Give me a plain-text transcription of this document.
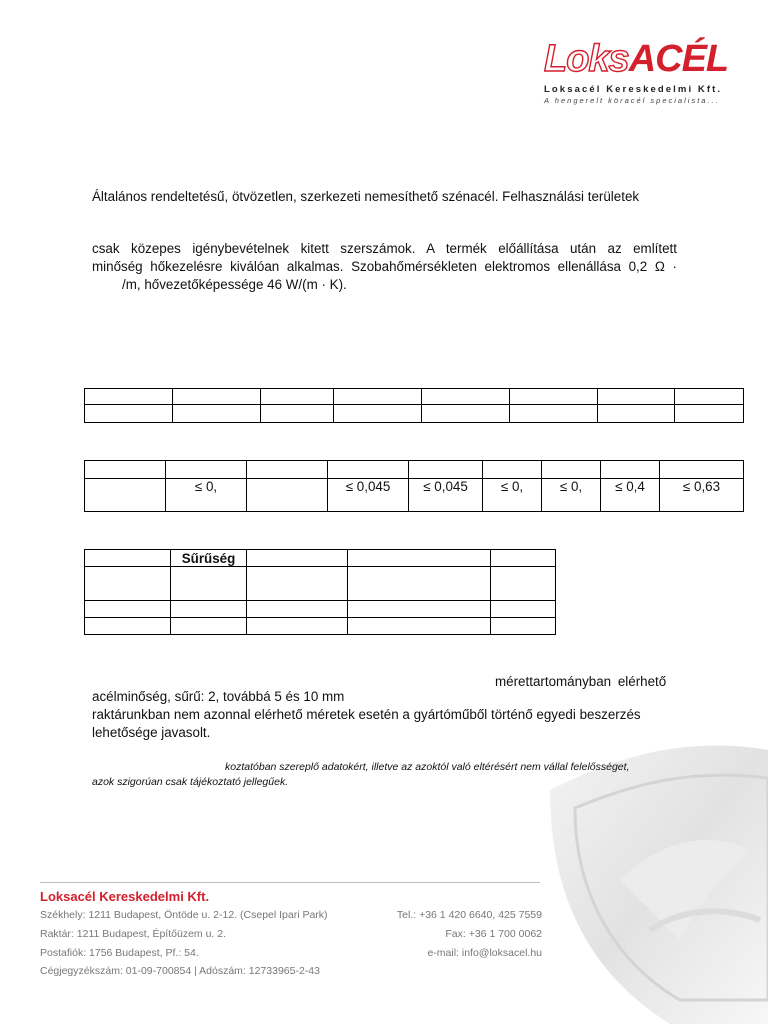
LoksACÉL
Loksacél Kereskedelmi Kft.
A hengerelt köracél specialista...
Általános rendeltetésű, ötvözetlen, szerkezeti nemesíthető szénacél. Felhasználási területek
csak közepes igénybevételnek kitett szerszámok. A termék előállítása után az említett
minőség hőkezelésre kiválóan alkalmas. Szobahőmérsékleten elektromos ellenállása 0,2 Ω ·
/m, hővezetőképessége 46 W/(m · K).

	≤ 0,		≤ 0,045	≤ 0,045	≤ 0,	≤ 0,	≤ 0,4	≤ 0,63
	Sűrűség			

mérettartományban elérhető
acélminőség, sűrű: 2, továbbá 5 és 10 mm
raktárunkban nem azonnal elérhető méretek esetén a gyártóműből történő egyedi beszerzés
lehetősége javasolt.
koztatóban szereplő adatokért, illetve az azoktól való eltérésért nem vállal felelősséget,
azok szigorúan csak tájékoztató jellegűek.
Loksacél Kereskedelmi Kft.
Székhely: 1211 Budapest, Öntöde u. 2-12. (Csepel Ipari Park)
Raktár: 1211 Budapest, Építőüzem u. 2.
Postafiók: 1756 Budapest, Pf.: 54.
Cégjegyzékszám: 01-09-700854 | Adószám: 12733965-2-43
Tel.: +36 1 420 6640, 425 7559
Fax: +36 1 700 0062
e-mail: info@loksacel.hu
